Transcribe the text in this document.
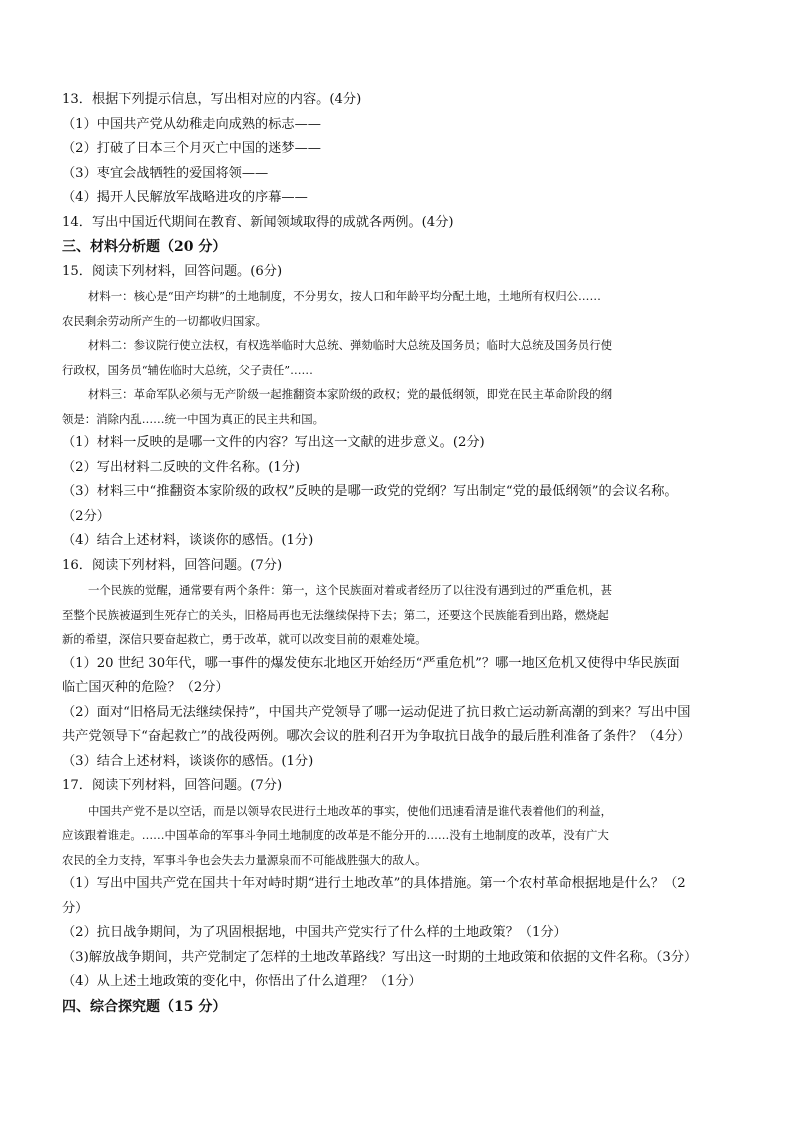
13．根据下列提示信息，写出相对应的内容。(4分)
（1）中国共产党从幼稚走向成熟的标志——
（2）打破了日本三个月灭亡中国的迷梦——
（3）枣宜会战牺牲的爱国将领——
（4）揭开人民解放军战略进攻的序幕——
14．写出中国近代期间在教育、新闻领域取得的成就各两例。(4分)
三、材料分析题（20 分）
15．阅读下列材料，回答问题。(6分)
材料一：核心是“田产均耕”的土地制度，不分男女，按人口和年龄平均分配土地，土地所有权归公……
农民剩余劳动所产生的一切都收归国家。
材料二：参议院行使立法权，有权选举临时大总统、弹劾临时大总统及国务员；临时大总统及国务员行使
行政权，国务员“辅佐临时大总统，父子责任”……
材料三：革命军队必须与无产阶级一起推翻资本家阶级的政权；党的最低纲领，即党在民主革命阶段的纲
领是：消除内乱……统一中国为真正的民主共和国。
（1）材料一反映的是哪一文件的内容？写出这一文献的进步意义。(2分)
（2）写出材料二反映的文件名称。(1分)
（3）材料三中“推翻资本家阶级的政权”反映的是哪一政党的党纲？写出制定“党的最低纲领”的会议名称。
（2分）
（4）结合上述材料，谈谈你的感悟。(1分)
16．阅读下列材料，回答问题。(7分)
一个民族的觉醒，通常要有两个条件：第一，这个民族面对着或者经历了以往没有遇到过的严重危机，甚
至整个民族被逼到生死存亡的关头，旧格局再也无法继续保持下去；第二，还要这个民族能看到出路，燃烧起
新的希望，深信只要奋起救亡，勇于改革，就可以改变目前的艰难处境。
（1）20 世纪 30年代，哪一事件的爆发使东北地区开始经历“严重危机”？哪一地区危机又使得中华民族面
临亡国灭种的危险？（2分）
（2）面对“旧格局无法继续保持”，中国共产党领导了哪一运动促进了抗日救亡运动新高潮的到来？写出中国
共产党领导下“奋起救亡”的战役两例。哪次会议的胜利召开为争取抗日战争的最后胜利准备了条件？（4分）
（3）结合上述材料，谈谈你的感悟。(1分)
17．阅读下列材料，回答问题。(7分)
中国共产党不是以空话，而是以领导农民进行土地改革的事实，使他们迅速看清是谁代表着他们的利益，
应该跟着谁走。……中国革命的军事斗争同土地制度的改革是不能分开的……没有土地制度的改革，没有广大
农民的全力支持，军事斗争也会失去力量源泉而不可能战胜强大的敌人。
（1）写出中国共产党在国共十年对峙时期“进行土地改革”的具体措施。第一个农村革命根据地是什么？（2
分）
（2）抗日战争期间，为了巩固根据地，中国共产党实行了什么样的土地政策？（1分）
（3)解放战争期间，共产党制定了怎样的土地改革路线？写出这一时期的土地政策和依据的文件名称。（3分）
（4）从上述土地政策的变化中，你悟出了什么道理？（1分）
四、综合探究题（15 分）
